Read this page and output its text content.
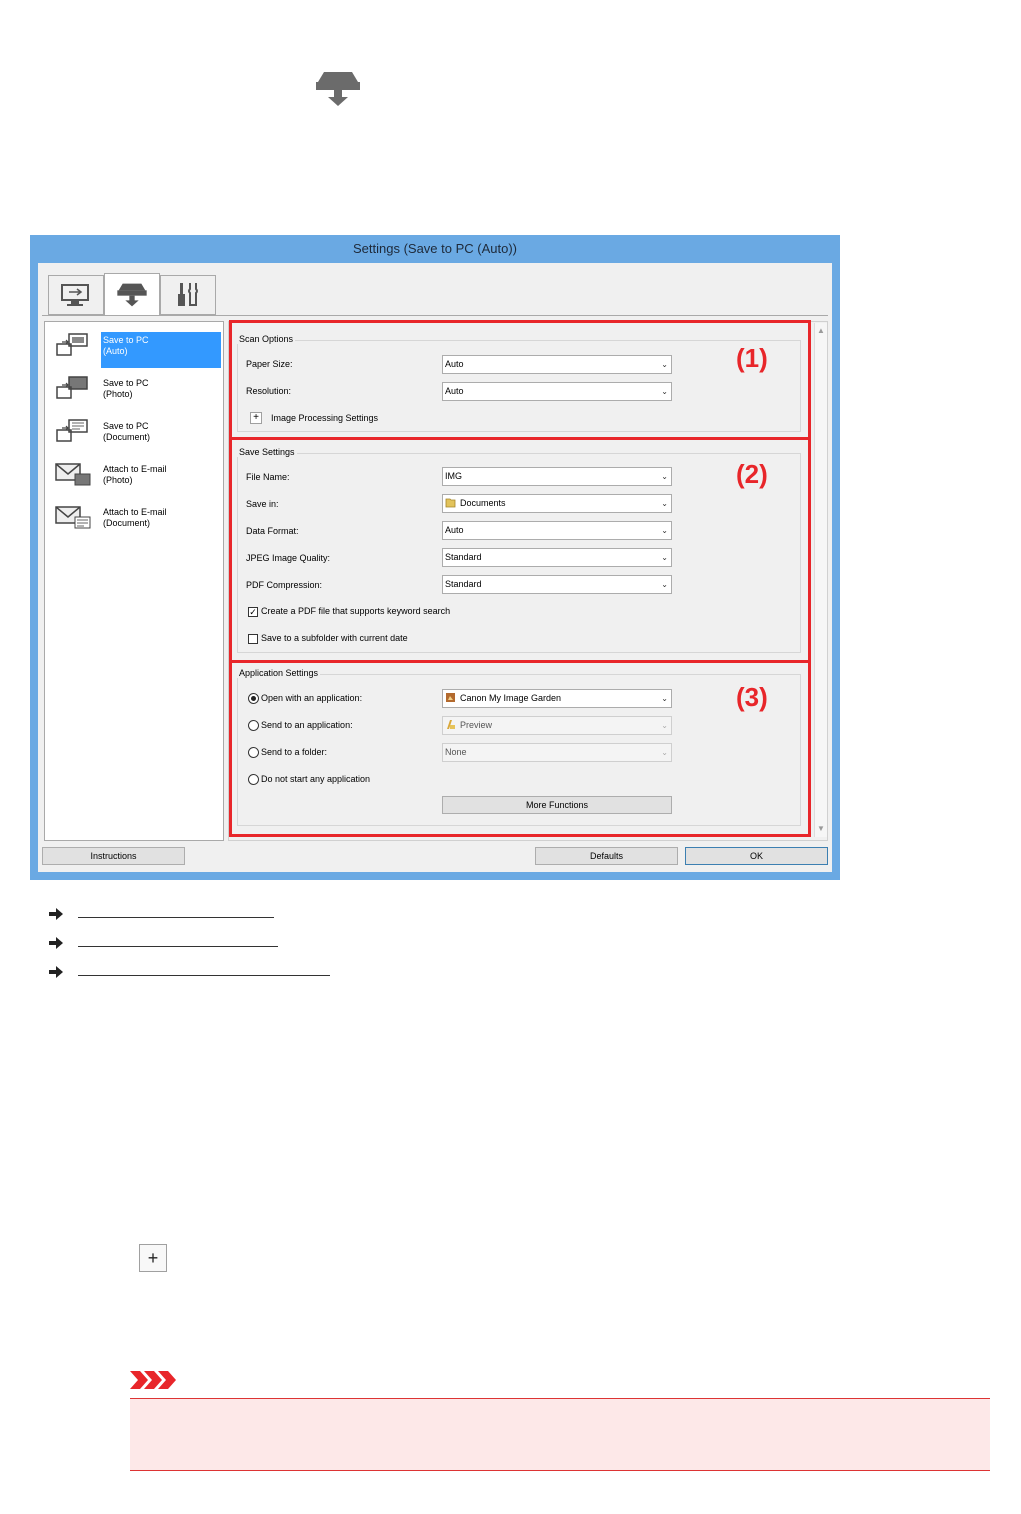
Settings (Save to PC (Auto))
Save to PC
(Auto)
Save to PC
(Photo)
Save to PC
(Document)
Attach to E-mail
(Photo)
Attach to E-mail
(Document)
▲
▼
Scan Options
Paper Size:	Auto	⌄
Resolution:	Auto	⌄
+	Image Processing Settings
(1)
Save Settings
File Name:	IMG	⌄
Save in:	Documents	⌄
Data Format:	Auto	⌄
JPEG Image Quality:	Standard	⌄
PDF Compression:	Standard	⌄
✓ Create a PDF file that supports keyword search
Save to a subfolder with current date
(2)
Application Settings
Open with an application:	Canon My Image Garden	⌄
Send to an application:	Preview	⌄
Send to a folder:	None	⌄
Do not start any application
More Functions
(3)
Instructions	Defaults	OK
+
